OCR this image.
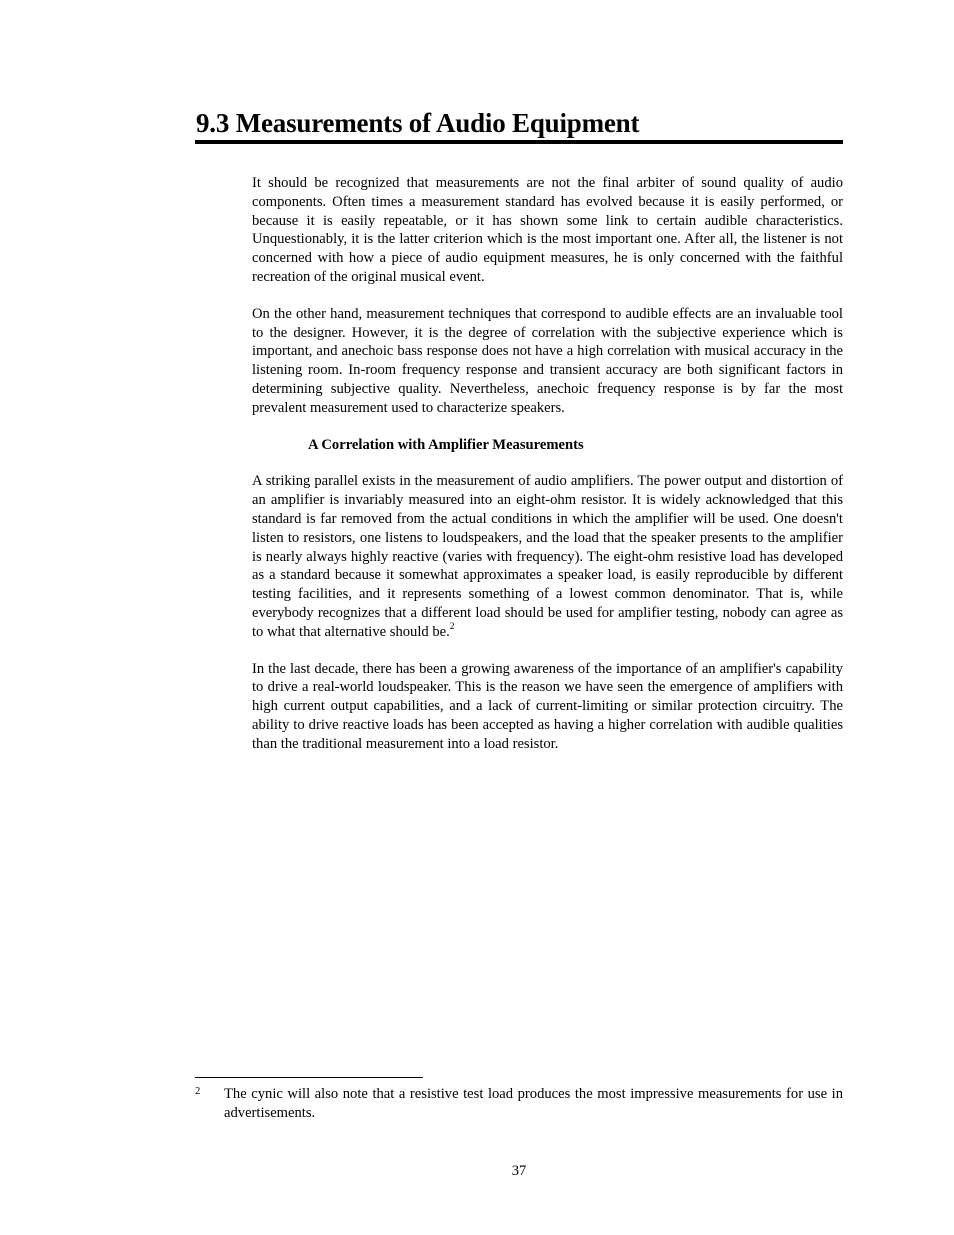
9.3 Measurements of Audio Equipment

It should be recognized that measurements are not the final arbiter of sound quality of audio components. Often times a measurement standard has evolved because it is easily performed, or because it is easily repeatable, or it has shown some link to certain audible characteristics. Unquestionably, it is the latter criterion which is the most important one. After all, the listener is not concerned with how a piece of audio equipment measures, he is only concerned with the faithful recreation of the original musical event.

On the other hand, measurement techniques that correspond to audible effects are an invaluable tool to the designer. However, it is the degree of correlation with the subjective experience which is important, and anechoic bass response does not have a high correlation with musical accuracy in the listening room. In-room frequency response and transient accuracy are both significant factors in determining subjective quality. Nevertheless, anechoic frequency response is by far the most prevalent measurement used to characterize speakers.

A Correlation with Amplifier Measurements

A striking parallel exists in the measurement of audio amplifiers. The power output and distortion of an amplifier is invariably measured into an eight-ohm resistor. It is widely acknowledged that this standard is far removed from the actual conditions in which the amplifier will be used. One doesn't listen to resistors, one listens to loudspeakers, and the load that the speaker presents to the amplifier is nearly always highly reactive (varies with frequency). The eight-ohm resistive load has developed as a standard because it somewhat approximates a speaker load, is easily reproducible by different testing facilities, and it represents something of a lowest common denominator. That is, while everybody recognizes that a different load should be used for amplifier testing, nobody can agree as to what that alternative should be.$^2$

In the last decade, there has been a growing awareness of the importance of an amplifier's capability to drive a real-world loudspeaker. This is the reason we have seen the emergence of amplifiers with high current output capabilities, and a lack of current-limiting or similar protection circuitry. The ability to drive reactive loads has been accepted as having a higher correlation with audible qualities than the traditional measurement into a load resistor.

2 The cynic will also note that a resistive test load produces the most impressive measurements for use in advertisements.

37
